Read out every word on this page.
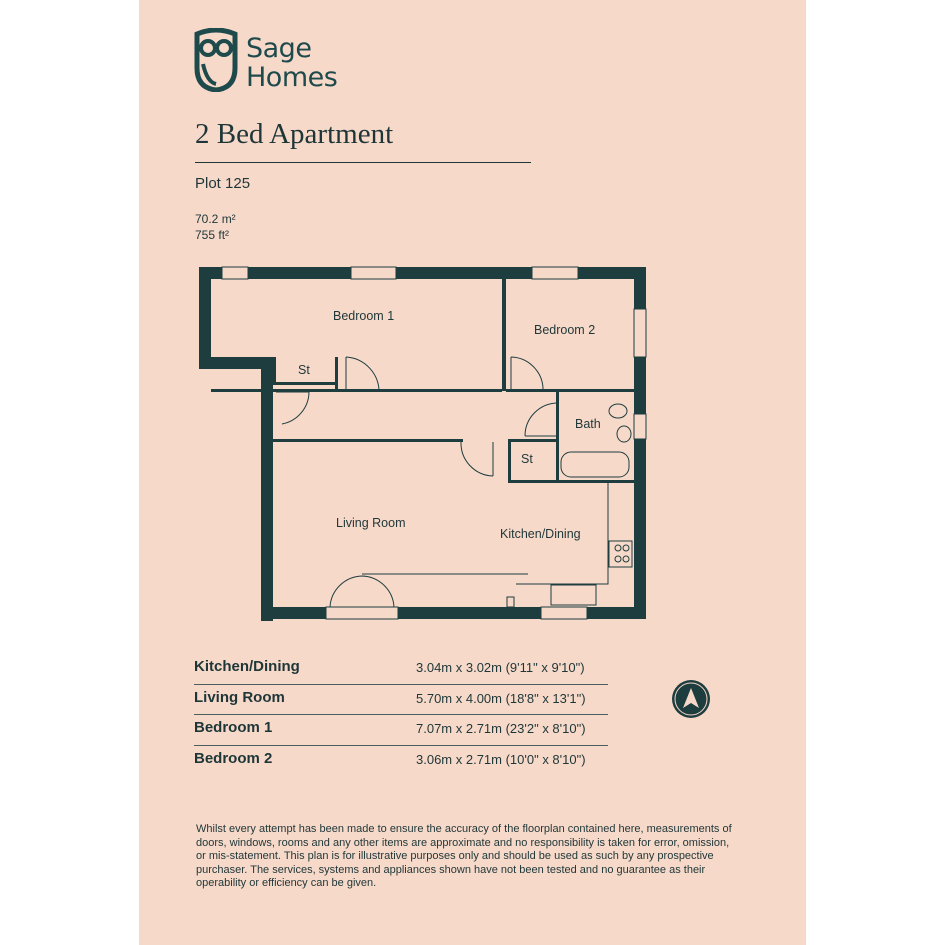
Sage Homes
2 Bed Apartment
Plot 125
70.2 m²
755 ft²
Bedroom 1
Bedroom 2
St
Bath
St
Living Room
Kitchen/Dining
Kitchen/Dining	3.04m x 3.02m (9'11" x 9'10")
Living Room	5.70m x 4.00m (18'8" x 13'1")
Bedroom 1	7.07m x 2.71m (23'2" x 8'10")
Bedroom 2	3.06m x 2.71m (10'0" x 8'10")
Whilst every attempt has been made to ensure the accuracy of the floorplan contained here, measurements of doors, windows, rooms and any other items are approximate and no responsibility is taken for error, omission, or mis-statement. This plan is for illustrative purposes only and should be used as such by any prospective purchaser. The services, systems and appliances shown have not been tested and no guarantee as their operability or efficiency can be given.
